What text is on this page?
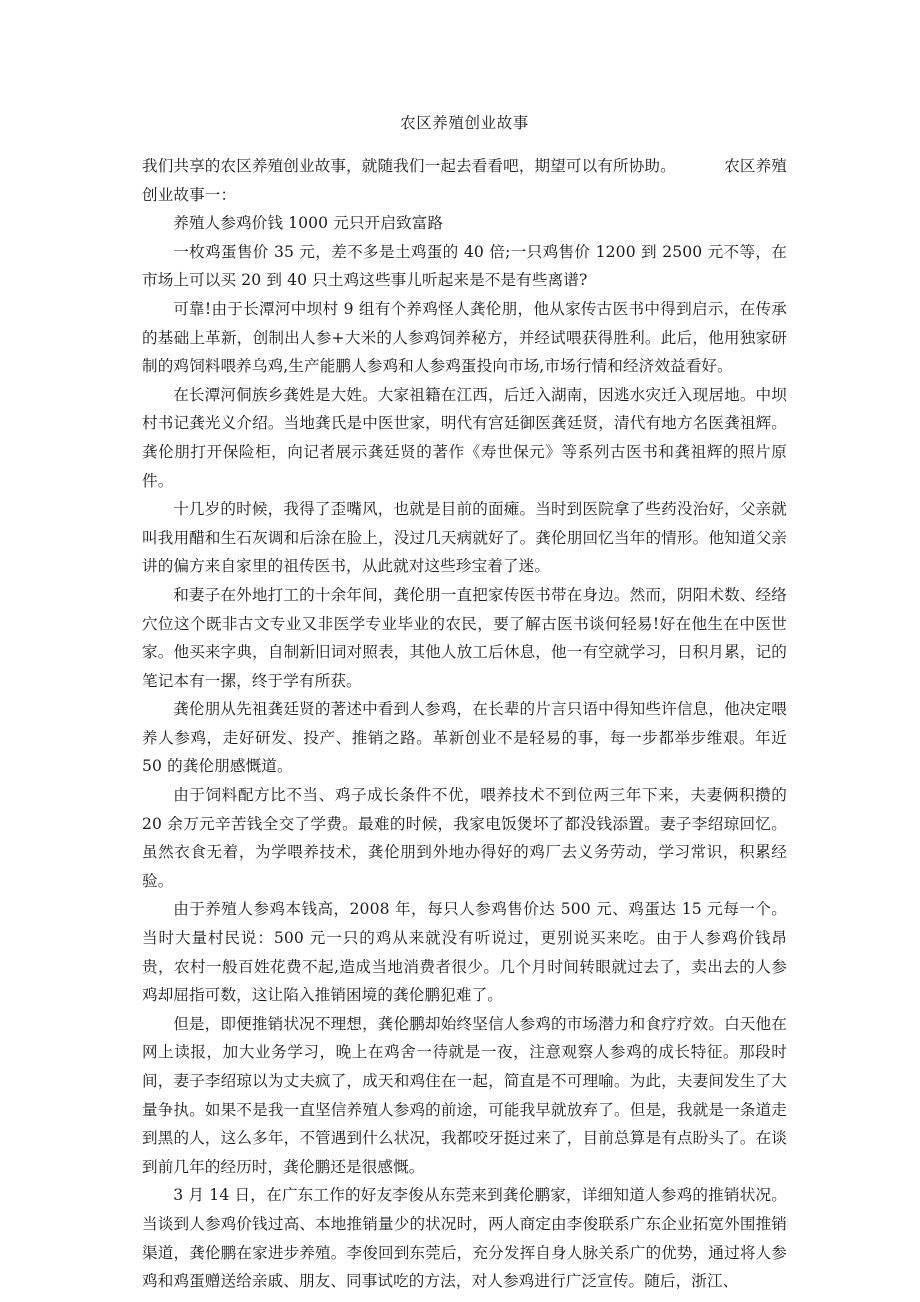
农区养殖创业故事

我们共享的农区养殖创业故事，就随我们一起去看看吧，期望可以有所协助。	农区养殖创业故事一：

养殖人参鸡价钱 1000 元只开启致富路

一枚鸡蛋售价 35 元，差不多是土鸡蛋的 40 倍;一只鸡售价 1200 到 2500 元不等，在市场上可以买 20 到 40 只土鸡这些事儿听起来是不是有些离谱?

可靠!由于长潭河中坝村 9 组有个养鸡怪人龚伦朋，他从家传古医书中得到启示，在传承的基础上革新，创制出人参+大米的人参鸡饲养秘方，并经试喂获得胜利。此后，他用独家研制的鸡饲料喂养乌鸡,生产能鹏人参鸡和人参鸡蛋投向市场,市场行情和经济效益看好。

在长潭河侗族乡龚姓是大姓。大家祖籍在江西，后迁入湖南，因逃水灾迁入现居地。中坝村书记龚光义介绍。当地龚氏是中医世家，明代有宫廷御医龚廷贤，清代有地方名医龚祖辉。龚伦朋打开保险柜，向记者展示龚廷贤的著作《寿世保元》等系列古医书和龚祖辉的照片原件。

十几岁的时候，我得了歪嘴风，也就是目前的面瘫。当时到医院拿了些药没治好，父亲就叫我用醋和生石灰调和后涂在脸上，没过几天病就好了。龚伦朋回忆当年的情形。他知道父亲讲的偏方来自家里的祖传医书，从此就对这些珍宝着了迷。

和妻子在外地打工的十余年间，龚伦朋一直把家传医书带在身边。然而，阴阳术数、经络穴位这个既非古文专业又非医学专业毕业的农民，要了解古医书谈何轻易!好在他生在中医世家。他买来字典，自制新旧词对照表，其他人放工后休息，他一有空就学习，日积月累，记的笔记本有一摞，终于学有所获。

龚伦朋从先祖龚廷贤的著述中看到人参鸡，在长辈的片言只语中得知些许信息，他决定喂养人参鸡，走好研发、投产、推销之路。革新创业不是轻易的事，每一步都举步维艰。年近 50 的龚伦朋感慨道。

由于饲料配方比不当、鸡子成长条件不优，喂养技术不到位两三年下来，夫妻俩积攒的 20 余万元辛苦钱全交了学费。最难的时候，我家电饭煲坏了都没钱添置。妻子李绍琼回忆。虽然衣食无着，为学喂养技术，龚伦朋到外地办得好的鸡厂去义务劳动，学习常识，积累经验。

由于养殖人参鸡本钱高，2008 年，每只人参鸡售价达 500 元、鸡蛋达 15 元每一个。当时大量村民说：500 元一只的鸡从来就没有听说过，更别说买来吃。由于人参鸡价钱昂贵，农村一般百姓花费不起,造成当地消费者很少。几个月时间转眼就过去了，卖出去的人参鸡却屈指可数，这让陷入推销困境的龚伦鹏犯难了。

但是，即便推销状况不理想，龚伦鹏却始终坚信人参鸡的市场潜力和食疗疗效。白天他在网上读报，加大业务学习，晚上在鸡舍一待就是一夜，注意观察人参鸡的成长特征。那段时间，妻子李绍琼以为丈夫疯了，成天和鸡住在一起，简直是不可理喻。为此，夫妻间发生了大量争执。如果不是我一直坚信养殖人参鸡的前途，可能我早就放弃了。但是，我就是一条道走到黑的人，这么多年，不管遇到什么状况，我都咬牙挺过来了，目前总算是有点盼头了。在谈到前几年的经历时，龚伦鹏还是很感慨。

3 月 14 日，在广东工作的好友李俊从东莞来到龚伦鹏家，详细知道人参鸡的推销状况。当谈到人参鸡价钱过高、本地推销量少的状况时，两人商定由李俊联系广东企业拓宽外围推销渠道，龚伦鹏在家进步养殖。李俊回到东莞后，充分发挥自身人脉关系广的优势，通过将人参鸡和鸡蛋赠送给亲戚、朋友、同事试吃的方法，对人参鸡进行广泛宣传。随后，浙江、
